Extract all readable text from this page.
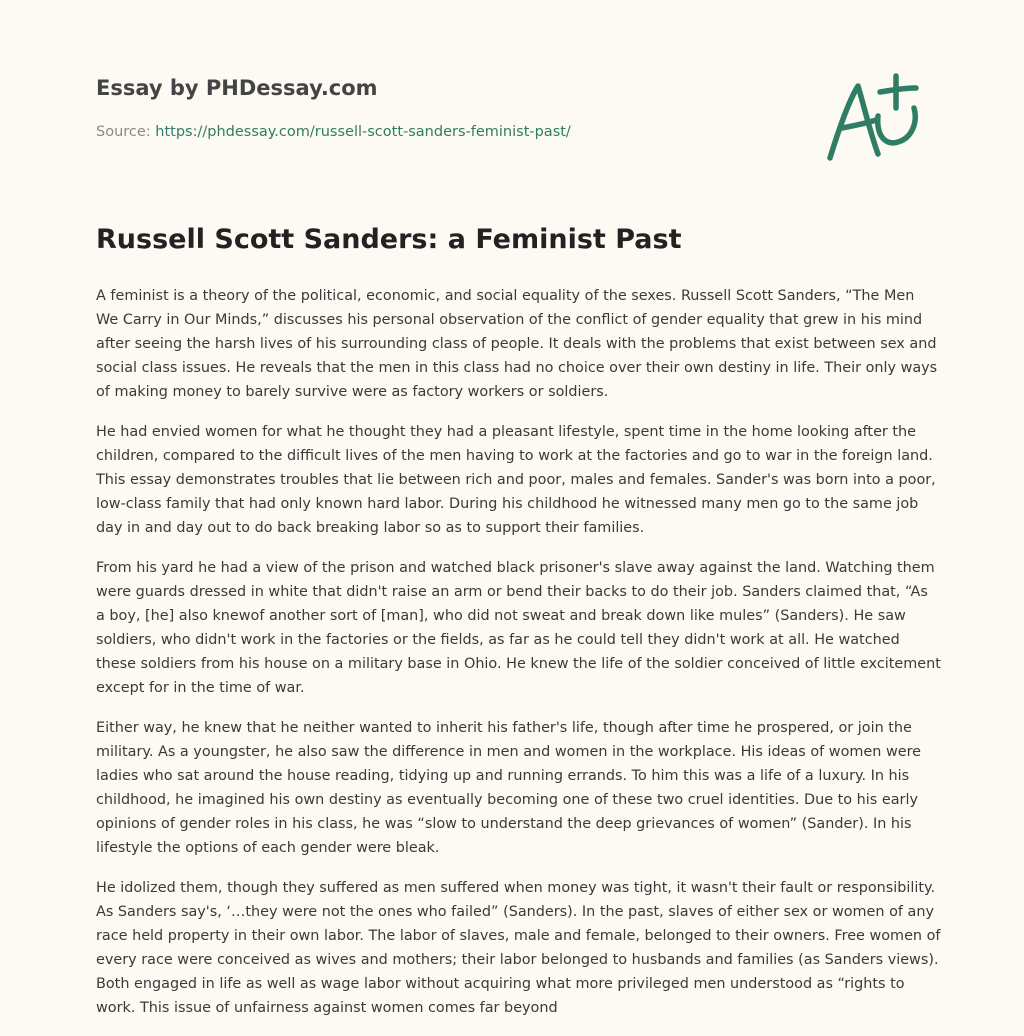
Essay by PHDessay.com
Source: https://phdessay.com/russell-scott-sanders-feminist-past/
Russell Scott Sanders: a Feminist Past

A feminist is a theory of the political, economic, and social equality of the sexes. Russell Scott Sanders, “The Men We Carry in Our Minds,” discusses his personal observation of the conflict of gender equality that grew in his mind after seeing the harsh lives of his surrounding class of people. It deals with the problems that exist between sex and social class issues. He reveals that the men in this class had no choice over their own destiny in life. Their only ways of making money to barely survive were as factory workers or soldiers.

He had envied women for what he thought they had a pleasant lifestyle, spent time in the home looking after the children, compared to the difficult lives of the men having to work at the factories and go to war in the foreign land. This essay demonstrates troubles that lie between rich and poor, males and females. Sander's was born into a poor, low-class family that had only known hard labor. During his childhood he witnessed many men go to the same job day in and day out to do back breaking labor so as to support their families.

From his yard he had a view of the prison and watched black prisoner's slave away against the land. Watching them were guards dressed in white that didn't raise an arm or bend their backs to do their job. Sanders claimed that, “As a boy, [he] also knewof another sort of [man], who did not sweat and break down like mules” (Sanders). He saw soldiers, who didn't work in the factories or the fields, as far as he could tell they didn't work at all. He watched these soldiers from his house on a military base in Ohio. He knew the life of the soldier conceived of little excitement except for in the time of war.

Either way, he knew that he neither wanted to inherit his father's life, though after time he prospered, or join the military. As a youngster, he also saw the difference in men and women in the workplace. His ideas of women were ladies who sat around the house reading, tidying up and running errands. To him this was a life of a luxury. In his childhood, he imagined his own destiny as eventually becoming one of these two cruel identities. Due to his early opinions of gender roles in his class, he was “slow to understand the deep grievances of women” (Sander). In his lifestyle the options of each gender were bleak.

He idolized them, though they suffered as men suffered when money was tight, it wasn't their fault or responsibility. As Sanders say's, ‘…they were not the ones who failed” (Sanders). In the past, slaves of either sex or women of any race held property in their own labor. The labor of slaves, male and female, belonged to their owners. Free women of every race were conceived as wives and mothers; their labor belonged to husbands and families (as Sanders views). Both engaged in life as well as wage labor without acquiring what more privileged men understood as “rights to work. This issue of unfairness against women comes far beyond
